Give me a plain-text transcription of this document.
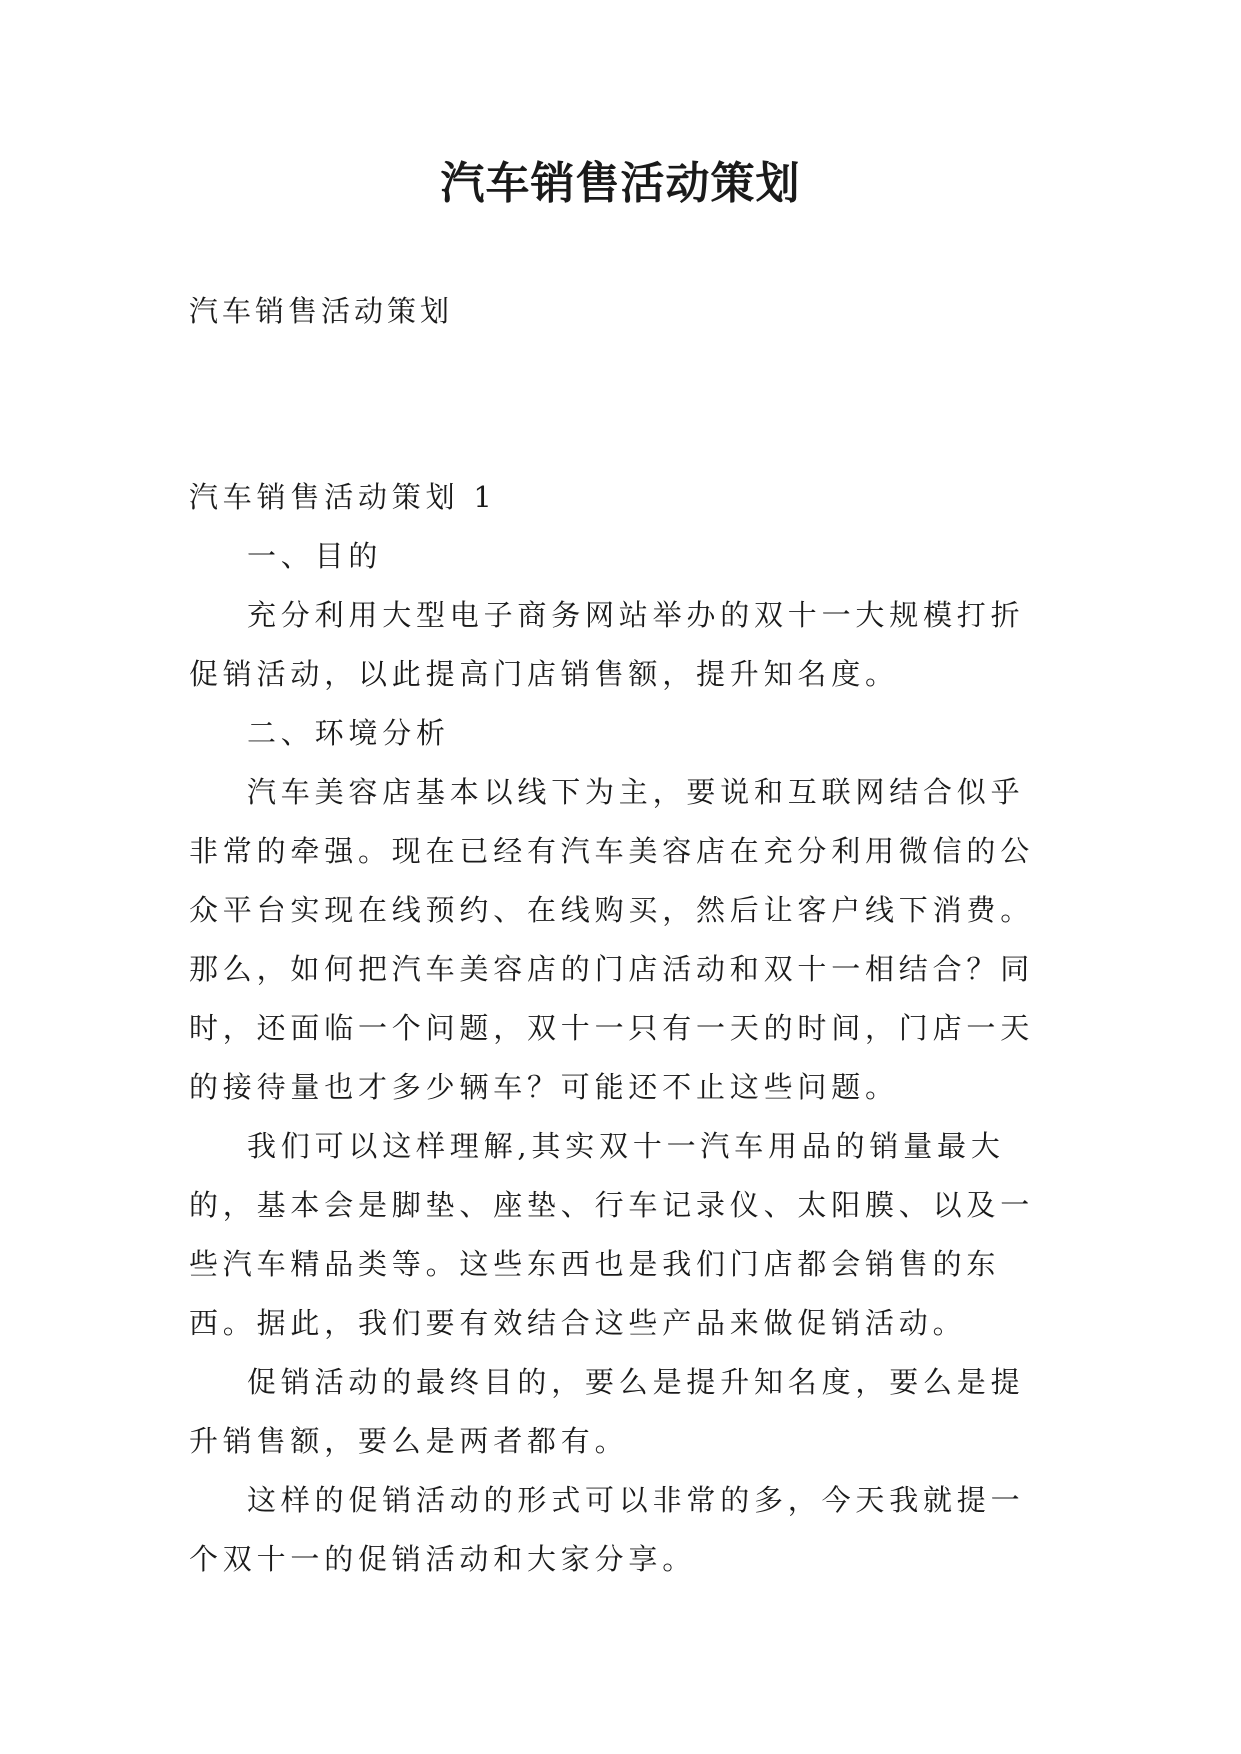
汽车销售活动策划

汽车销售活动策划

汽车销售活动策划 1

一、目的

充分利用大型电子商务网站举办的双十一大规模打折促销活动，以此提高门店销售额，提升知名度。

二、环境分析

汽车美容店基本以线下为主，要说和互联网结合似乎非常的牵强。现在已经有汽车美容店在充分利用微信的公众平台实现在线预约、在线购买，然后让客户线下消费。那么，如何把汽车美容店的门店活动和双十一相结合？同时，还面临一个问题，双十一只有一天的时间，门店一天的接待量也才多少辆车？可能还不止这些问题。

我们可以这样理解,其实双十一汽车用品的销量最大的，基本会是脚垫、座垫、行车记录仪、太阳膜、以及一些汽车精品类等。这些东西也是我们门店都会销售的东西。据此，我们要有效结合这些产品来做促销活动。

促销活动的最终目的，要么是提升知名度，要么是提升销售额，要么是两者都有。

这样的促销活动的形式可以非常的多，今天我就提一个双十一的促销活动和大家分享。
